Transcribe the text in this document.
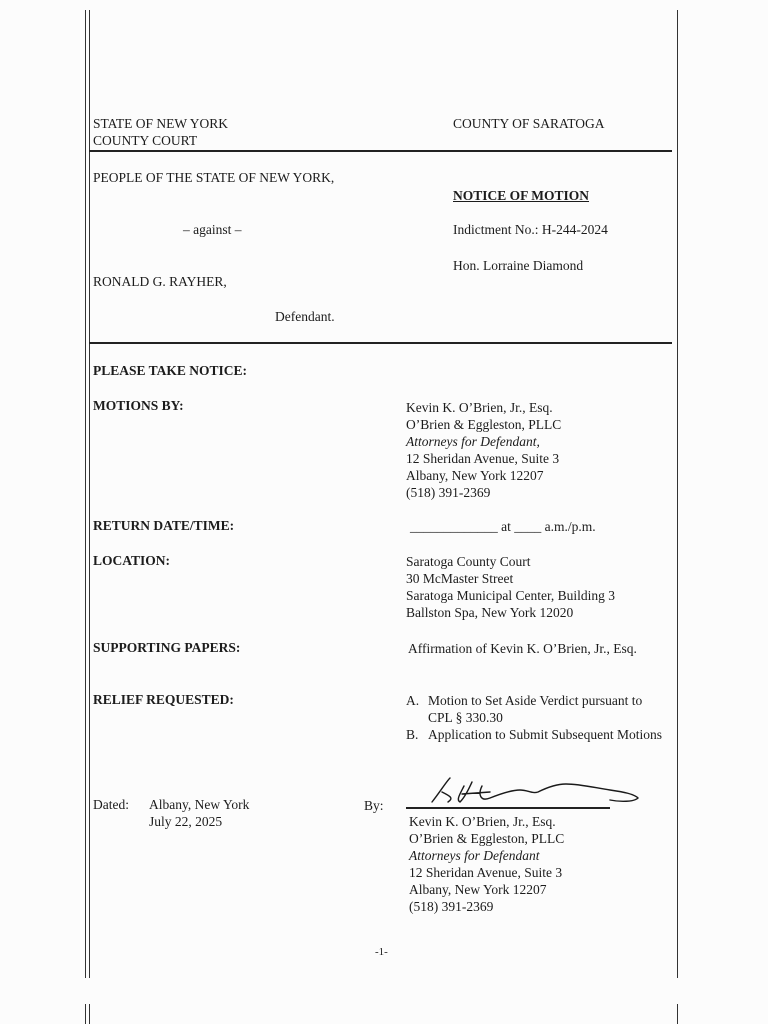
STATE OF NEW YORK
COUNTY COURT
COUNTY OF SARATOGA
PEOPLE OF THE STATE OF NEW YORK,
NOTICE OF MOTION
– against –	Indictment No.: H-244-2024
Hon. Lorraine Diamond
RONALD G. RAYHER,
Defendant.
PLEASE TAKE NOTICE:
MOTIONS BY:	Kevin K. O’Brien, Jr., Esq.
O’Brien & Eggleston, PLLC
Attorneys for Defendant,
12 Sheridan Avenue, Suite 3
Albany, New York 12207
(518) 391-2369
RETURN DATE/TIME:	_____________ at ____ a.m./p.m.
LOCATION:	Saratoga County Court
30 McMaster Street
Saratoga Municipal Center, Building 3
Ballston Spa, New York 12020
SUPPORTING PAPERS:	Affirmation of Kevin K. O’Brien, Jr., Esq.
RELIEF REQUESTED:	A. Motion to Set Aside Verdict pursuant to CPL § 330.30
B. Application to Submit Subsequent Motions
Dated: Albany, New York
July 22, 2025
By:
Kevin K. O’Brien, Jr., Esq.
O’Brien & Eggleston, PLLC
Attorneys for Defendant
12 Sheridan Avenue, Suite 3
Albany, New York 12207
(518) 391-2369
-1-
